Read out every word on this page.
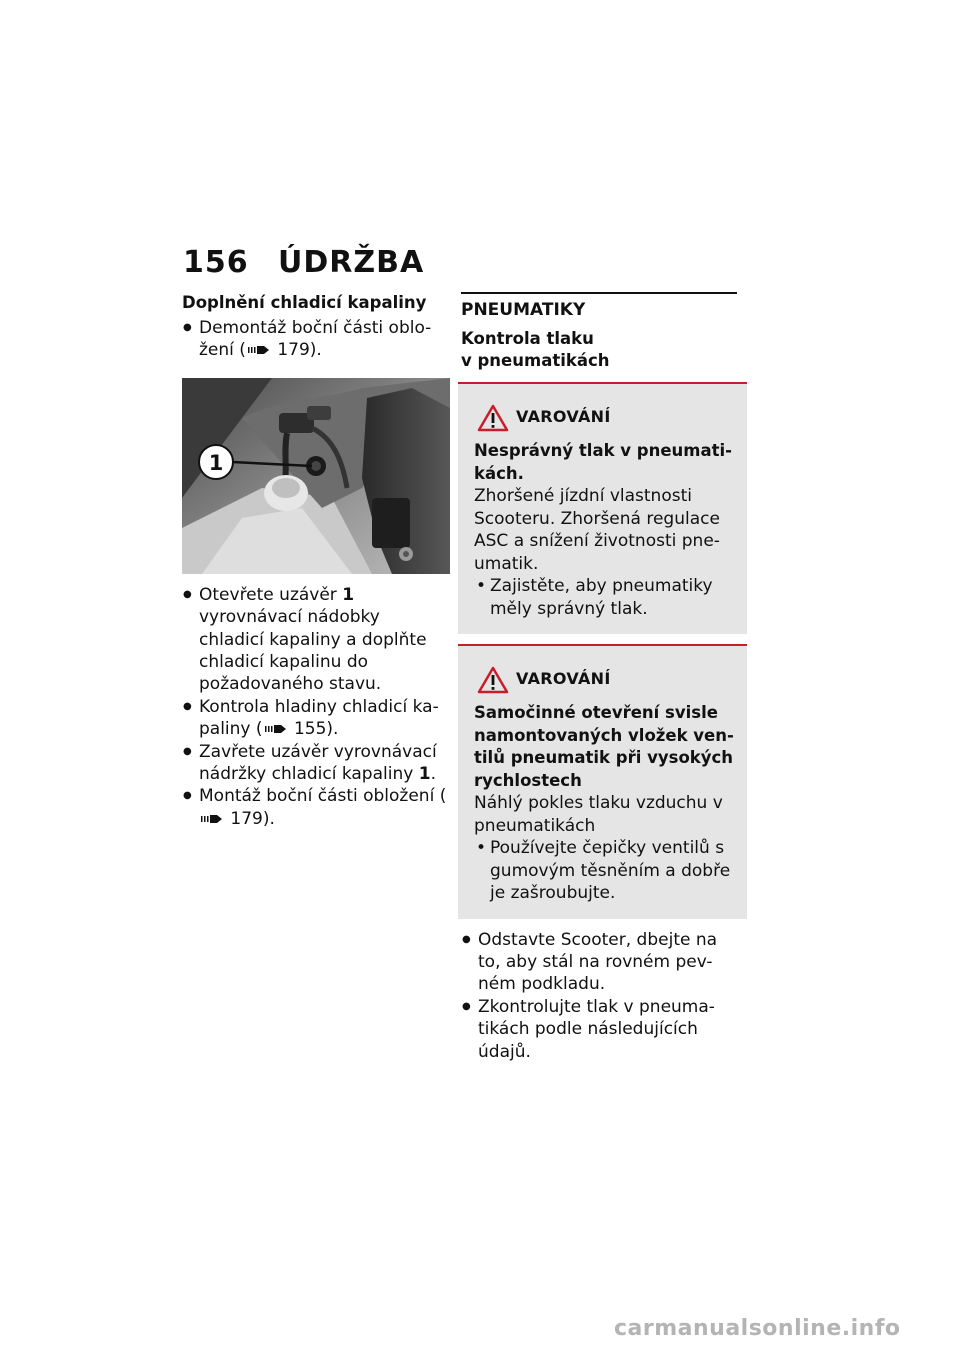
156 ÚDRŽBA
Doplnění chladicí kapaliny
● Demontáž boční části oblo-žení ( 179).
1
● Otevřete uzávěr 1 vyrovnávací nádobky chladicí kapaliny a doplňte chladicí kapalinu do požadovaného stavu.
● Kontrola hladiny chladicí ka-paliny ( 155).
● Zavřete uzávěr vyrovnávací nádržky chladicí kapaliny 1.
● Montáž boční části obložení (
179).
PNEUMATIKY
Kontrola tlaku
v pneumatikách
VAROVÁNÍ
Nesprávný tlak v pneumati-kách.
Zhoršené jízdní vlastnosti Scooteru. Zhoršená regulace ASC a snížení životnosti pne-umatik.
• Zajistěte, aby pneumatiky měly správný tlak.
VAROVÁNÍ
Samočinné otevření svisle namontovaných vložek ven-tilů pneumatik při vysokých rychlostech
Náhlý pokles tlaku vzduchu v pneumatikách
• Používejte čepičky ventilů s gumovým těsněním a dobře je zašroubujte.
● Odstavte Scooter, dbejte na to, aby stál na rovném pev-ném podkladu.
● Zkontrolujte tlak v pneuma-tikách podle následujících údajů.
carmanualsonline.info
